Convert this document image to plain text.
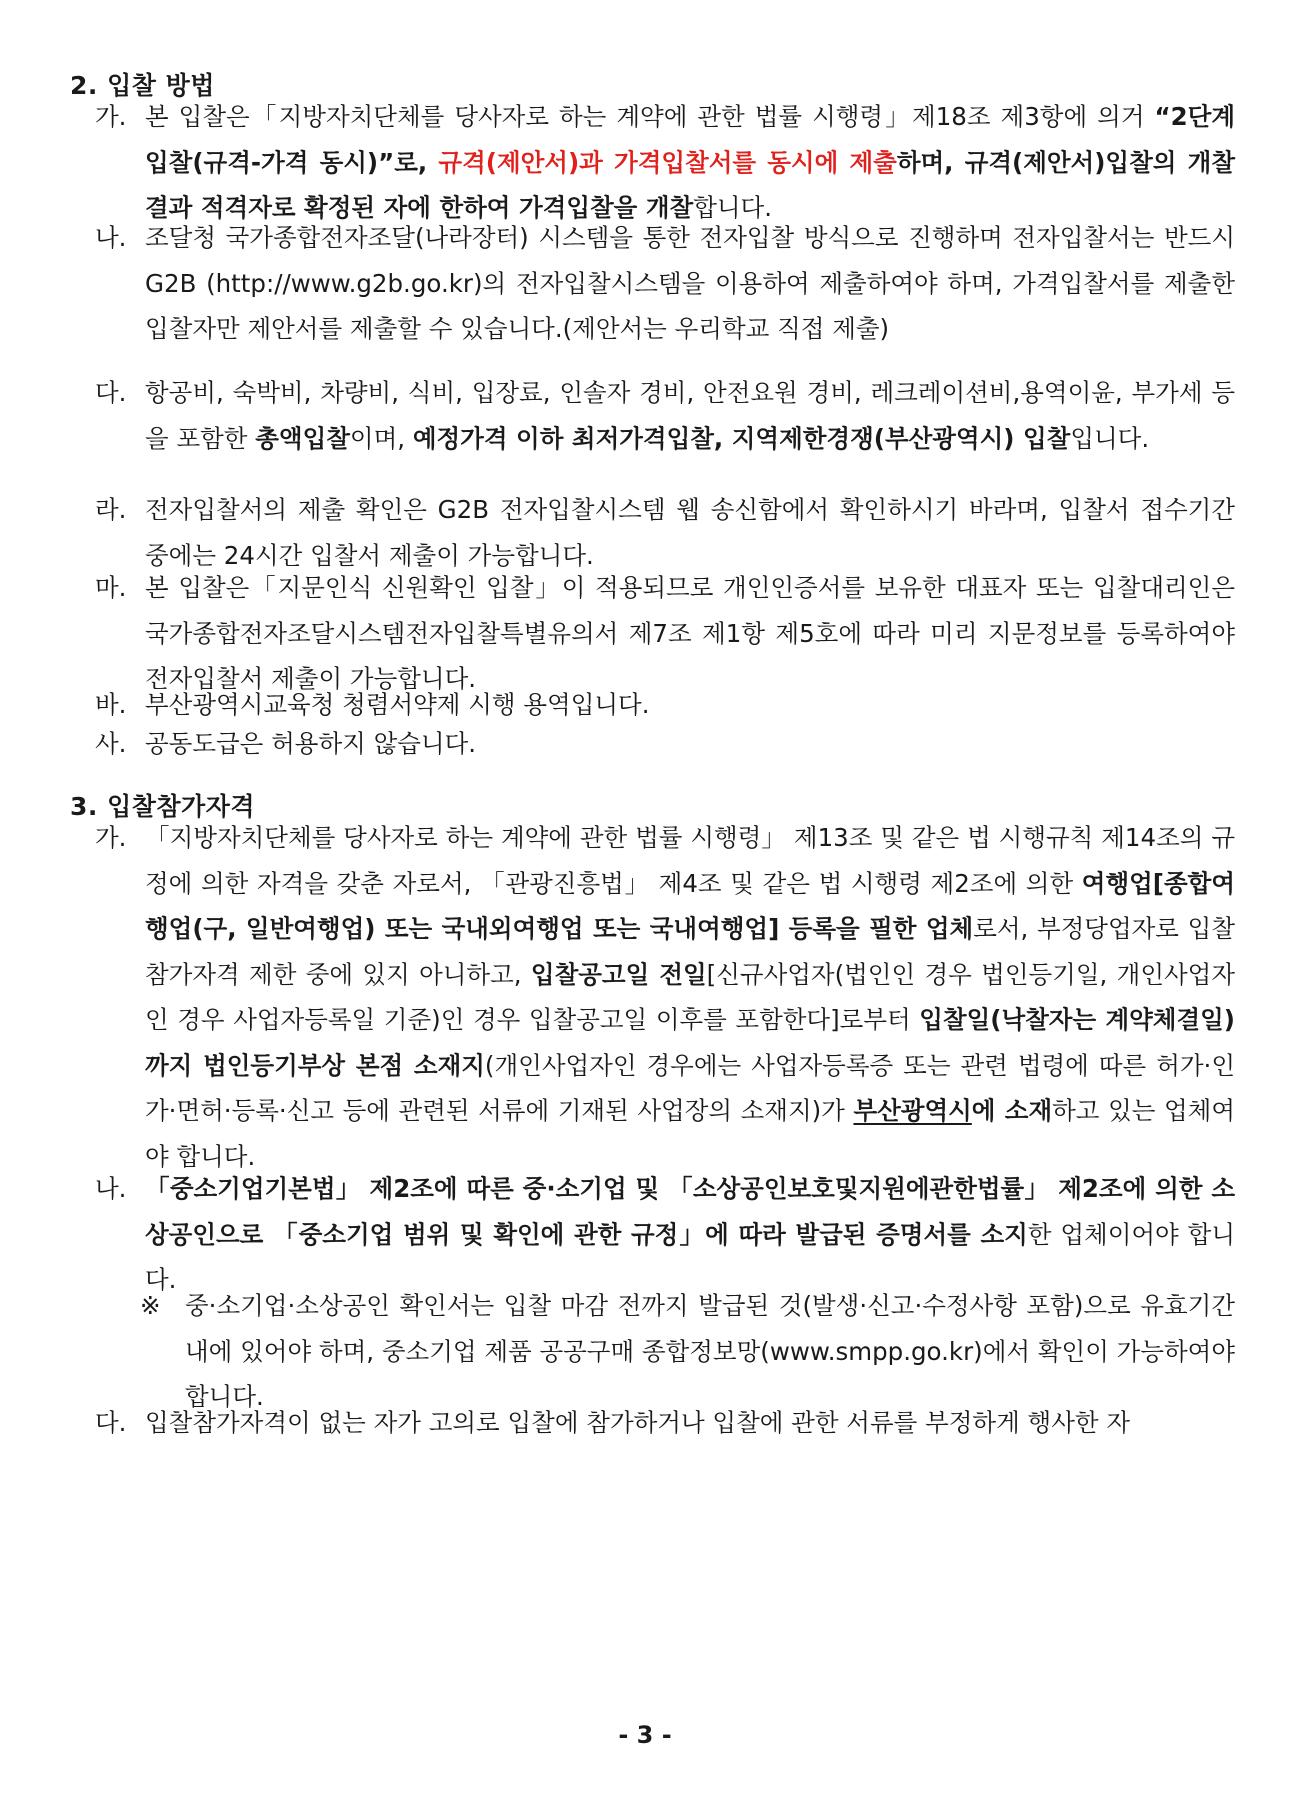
2. 입찰 방법
가. 본 입찰은「지방자치단체를 당사자로 하는 계약에 관한 법률 시행령」제18조 제3항에 의거 “2단계 입찰(규격-가격 동시)”로, 규격(제안서)과 가격입찰서를 동시에 제출하며, 규격(제안서)입찰의 개찰 결과 적격자로 확정된 자에 한하여 가격입찰을 개찰합니다.
나. 조달청 국가종합전자조달(나라장터) 시스템을 통한 전자입찰 방식으로 진행하며 전자입찰서는 반드시 G2B (http://www.g2b.go.kr)의 전자입찰시스템을 이용하여 제출하여야 하며, 가격입찰서를 제출한 입찰자만 제안서를 제출할 수 있습니다.(제안서는 우리학교 직접 제출)
다. 항공비, 숙박비, 차량비, 식비, 입장료, 인솔자 경비, 안전요원 경비, 레크레이션비,용역이윤, 부가세 등을 포함한 총액입찰이며, 예정가격 이하 최저가격입찰, 지역제한경쟁(부산광역시) 입찰입니다.
라. 전자입찰서의 제출 확인은 G2B 전자입찰시스템 웹 송신함에서 확인하시기 바라며, 입찰서 접수기간 중에는 24시간 입찰서 제출이 가능합니다.
마. 본 입찰은「지문인식 신원확인 입찰」이 적용되므로 개인인증서를 보유한 대표자 또는 입찰대리인은 국가종합전자조달시스템전자입찰특별유의서 제7조 제1항 제5호에 따라 미리 지문정보를 등록하여야 전자입찰서 제출이 가능합니다.
바. 부산광역시교육청 청렴서약제 시행 용역입니다.
사. 공동도급은 허용하지 않습니다.
3. 입찰참가자격
가. 「지방자치단체를 당사자로 하는 계약에 관한 법률 시행령」 제13조 및 같은 법 시행규칙 제14조의 규정에 의한 자격을 갖춘 자로서, 「관광진흥법」 제4조 및 같은 법 시행령 제2조에 의한 여행업[종합여행업(구, 일반여행업) 또는 국내외여행업 또는 국내여행업] 등록을 필한 업체로서, 부정당업자로 입찰참가자격 제한 중에 있지 아니하고, 입찰공고일 전일[신규사업자(법인인 경우 법인등기일, 개인사업자인 경우 사업자등록일 기준)인 경우 입찰공고일 이후를 포함한다]로부터 입찰일(낙찰자는 계약체결일)까지 법인등기부상 본점 소재지(개인사업자인 경우에는 사업자등록증 또는 관련 법령에 따른 허가·인가·면허·등록·신고 등에 관련된 서류에 기재된 사업장의 소재지)가 부산광역시에 소재하고 있는 업체여야 합니다.
나. 「중소기업기본법」 제2조에 따른 중·소기업 및 「소상공인보호및지원에관한법률」 제2조에 의한 소상공인으로 「중소기업 범위 및 확인에 관한 규정」에 따라 발급된 증명서를 소지한 업체이어야 합니다.
※ 중·소기업·소상공인 확인서는 입찰 마감 전까지 발급된 것(발생·신고·수정사항 포함)으로 유효기간 내에 있어야 하며, 중소기업 제품 공공구매 종합정보망(www.smpp.go.kr)에서 확인이 가능하여야 합니다.
다. 입찰참가자격이 없는 자가 고의로 입찰에 참가하거나 입찰에 관한 서류를 부정하게 행사한 자
- 3 -
